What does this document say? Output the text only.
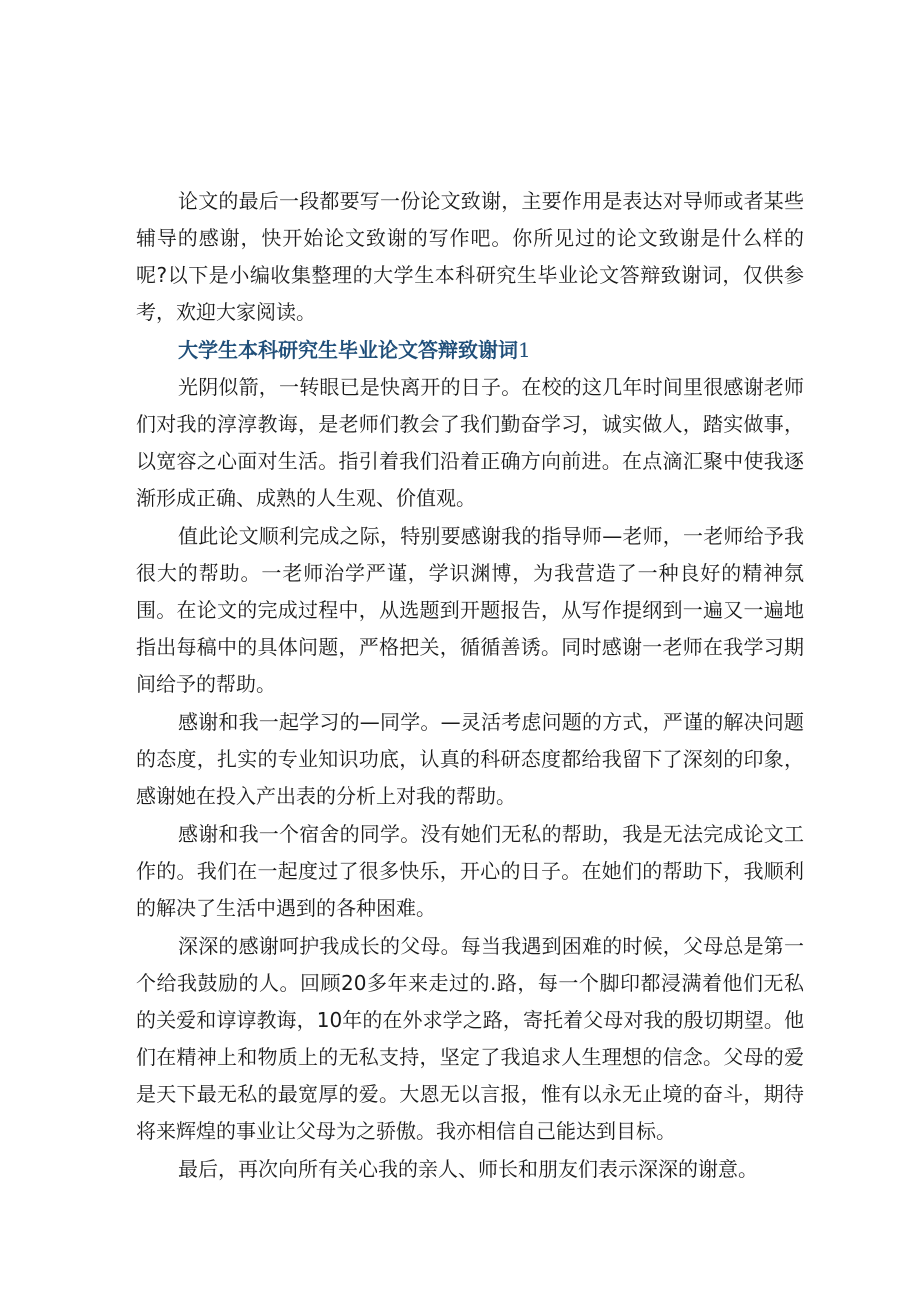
论文的最后一段都要写一份论文致谢，主要作用是表达对导师或者某些辅导的感谢，快开始论文致谢的写作吧。你所见过的论文致谢是什么样的呢?以下是小编收集整理的大学生本科研究生毕业论文答辩致谢词，仅供参考，欢迎大家阅读。

大学生本科研究生毕业论文答辩致谢词1

光阴似箭，一转眼已是快离开的日子。在校的这几年时间里很感谢老师们对我的淳淳教诲，是老师们教会了我们勤奋学习，诚实做人，踏实做事，以宽容之心面对生活。指引着我们沿着正确方向前进。在点滴汇聚中使我逐渐形成正确、成熟的人生观、价值观。

值此论文顺利完成之际，特别要感谢我的指导师—老师，一老师给予我很大的帮助。一老师治学严谨，学识渊博，为我营造了一种良好的精神氛围。在论文的完成过程中，从选题到开题报告，从写作提纲到一遍又一遍地指出每稿中的具体问题，严格把关，循循善诱。同时感谢一老师在我学习期间给予的帮助。

感谢和我一起学习的—同学。—灵活考虑问题的方式，严谨的解决问题的态度，扎实的专业知识功底，认真的科研态度都给我留下了深刻的印象，感谢她在投入产出表的分析上对我的帮助。

感谢和我一个宿舍的同学。没有她们无私的帮助，我是无法完成论文工作的。我们在一起度过了很多快乐，开心的日子。在她们的帮助下，我顺利的解决了生活中遇到的各种困难。

深深的感谢呵护我成长的父母。每当我遇到困难的时候，父母总是第一个给我鼓励的人。回顾20多年来走过的.路，每一个脚印都浸满着他们无私的关爱和谆谆教诲，10年的在外求学之路，寄托着父母对我的殷切期望。他们在精神上和物质上的无私支持，坚定了我追求人生理想的信念。父母的爱是天下最无私的最宽厚的爱。大恩无以言报，惟有以永无止境的奋斗，期待将来辉煌的事业让父母为之骄傲。我亦相信自己能达到目标。

最后，再次向所有关心我的亲人、师长和朋友们表示深深的谢意。
